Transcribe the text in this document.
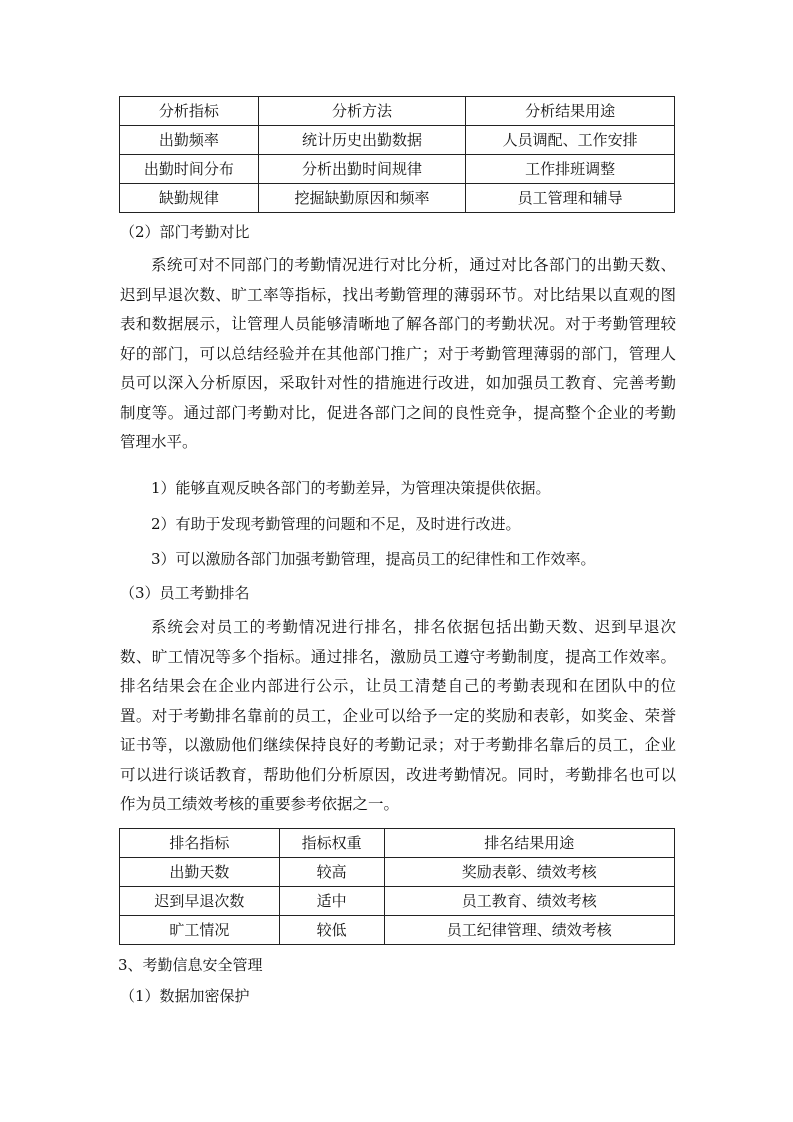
分析指标	分析方法	分析结果用途
出勤频率	统计历史出勤数据	人员调配、工作安排
出勤时间分布	分析出勤时间规律	工作排班调整
缺勤规律	挖掘缺勤原因和频率	员工管理和辅导
（2）部门考勤对比

系统可对不同部门的考勤情况进行对比分析，通过对比各部门的出勤天数、迟到早退次数、旷工率等指标，找出考勤管理的薄弱环节。对比结果以直观的图表和数据展示，让管理人员能够清晰地了解各部门的考勤状况。对于考勤管理较好的部门，可以总结经验并在其他部门推广；对于考勤管理薄弱的部门，管理人员可以深入分析原因，采取针对性的措施进行改进，如加强员工教育、完善考勤制度等。通过部门考勤对比，促进各部门之间的良性竞争，提高整个企业的考勤管理水平。

1）能够直观反映各部门的考勤差异，为管理决策提供依据。
2）有助于发现考勤管理的问题和不足，及时进行改进。
3）可以激励各部门加强考勤管理，提高员工的纪律性和工作效率。
（3）员工考勤排名

系统会对员工的考勤情况进行排名，排名依据包括出勤天数、迟到早退次数、旷工情况等多个指标。通过排名，激励员工遵守考勤制度，提高工作效率。排名结果会在企业内部进行公示，让员工清楚自己的考勤表现和在团队中的位置。对于考勤排名靠前的员工，企业可以给予一定的奖励和表彰，如奖金、荣誉证书等，以激励他们继续保持良好的考勤记录；对于考勤排名靠后的员工，企业可以进行谈话教育，帮助他们分析原因，改进考勤情况。同时，考勤排名也可以作为员工绩效考核的重要参考依据之一。

排名指标	指标权重	排名结果用途
出勤天数	较高	奖励表彰、绩效考核
迟到早退次数	适中	员工教育、绩效考核
旷工情况	较低	员工纪律管理、绩效考核
3、考勤信息安全管理
（1）数据加密保护
